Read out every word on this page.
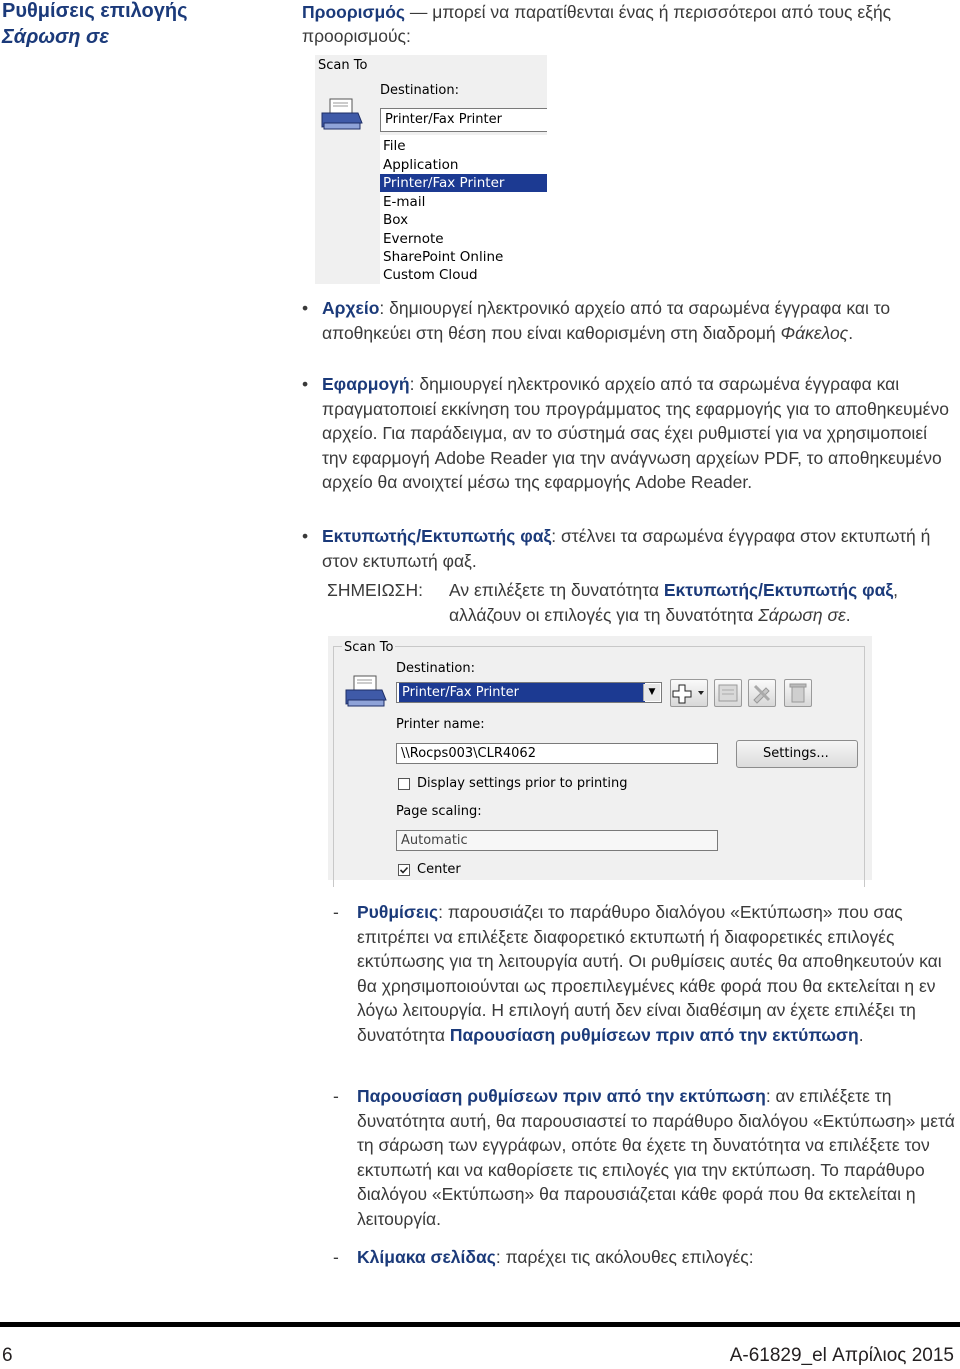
Ρυθμίσεις επιλογής
Σάρωση σε
Προορισμός — μπορεί να παρατίθενται ένας ή περισσότεροι από τους εξής προορισμούς:
Scan To
Destination:
Printer/Fax Printer
File
Application
Printer/Fax Printer
E-mail
Box
Evernote
SharePoint Online
Custom Cloud
• Αρχείο: δημιουργεί ηλεκτρονικό αρχείο από τα σαρωμένα έγγραφα και το αποθηκεύει στη θέση που είναι καθορισμένη στη διαδρομή Φάκελος.
• Εφαρμογή: δημιουργεί ηλεκτρονικό αρχείο από τα σαρωμένα έγγραφα και πραγματοποιεί εκκίνηση του προγράμματος της εφαρμογής για το αποθηκευμένο αρχείο. Για παράδειγμα, αν το σύστημά σας έχει ρυθμιστεί για να χρησιμοποιεί την εφαρμογή Adobe Reader για την ανάγνωση αρχείων PDF, το αποθηκευμένο αρχείο θα ανοιχτεί μέσω της εφαρμογής Adobe Reader.
• Εκτυπωτής/Εκτυπωτής φαξ: στέλνει τα σαρωμένα έγγραφα στον εκτυπωτή ή στον εκτυπωτή φαξ.
ΣΗΜΕΙΩΣΗ: Αν επιλέξετε τη δυνατότητα Εκτυπωτής/Εκτυπωτής φαξ, αλλάζουν οι επιλογές για τη δυνατότητα Σάρωση σε.
Scan To
Destination:
Printer/Fax Printer	▼
Printer name:
\\Rocps003\CLR4062	Settings...
Display settings prior to printing
Page scaling:
Automatic
Center
- Ρυθμίσεις: παρουσιάζει το παράθυρο διαλόγου «Εκτύπωση» που σας επιτρέπει να επιλέξετε διαφορετικό εκτυπωτή ή διαφορετικές επιλογές εκτύπωσης για τη λειτουργία αυτή. Οι ρυθμίσεις αυτές θα αποθηκευτούν και θα χρησιμοποιούνται ως προεπιλεγμένες κάθε φορά που θα εκτελείται η εν λόγω λειτουργία. Η επιλογή αυτή δεν είναι διαθέσιμη αν έχετε επιλέξει τη δυνατότητα Παρουσίαση ρυθμίσεων πριν από την εκτύπωση.
- Παρουσίαση ρυθμίσεων πριν από την εκτύπωση: αν επιλέξετε τη δυνατότητα αυτή, θα παρουσιαστεί το παράθυρο διαλόγου «Εκτύπωση» μετά τη σάρωση των εγγράφων, οπότε θα έχετε τη δυνατότητα να επιλέξετε τον εκτυπωτή και να καθορίσετε τις επιλογές για την εκτύπωση. Το παράθυρο διαλόγου «Εκτύπωση» θα παρουσιάζεται κάθε φορά που θα εκτελείται η λειτουργία.
- Κλίμακα σελίδας: παρέχει τις ακόλουθες επιλογές:
6	A-61829_el Απρίλιος 2015
